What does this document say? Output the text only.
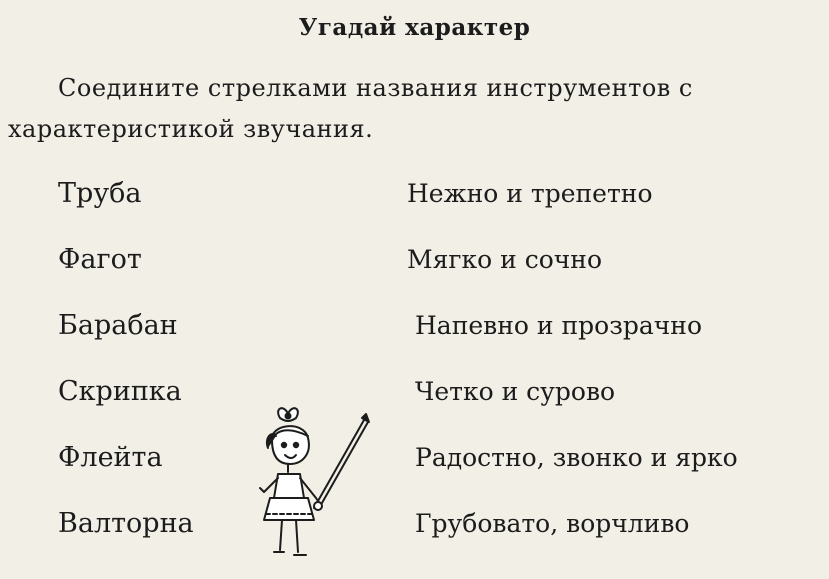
Угадай характер
Соедините стрелками названия инструментов с
характеристикой звучания.
Труба
Фагот
Барабан
Скрипка
Флейта
Валторна
Нежно и трепетно
Мягко и сочно
Напевно и прозрачно
Четко и сурово
Радостно, звонко и ярко
Грубовато, ворчливо
